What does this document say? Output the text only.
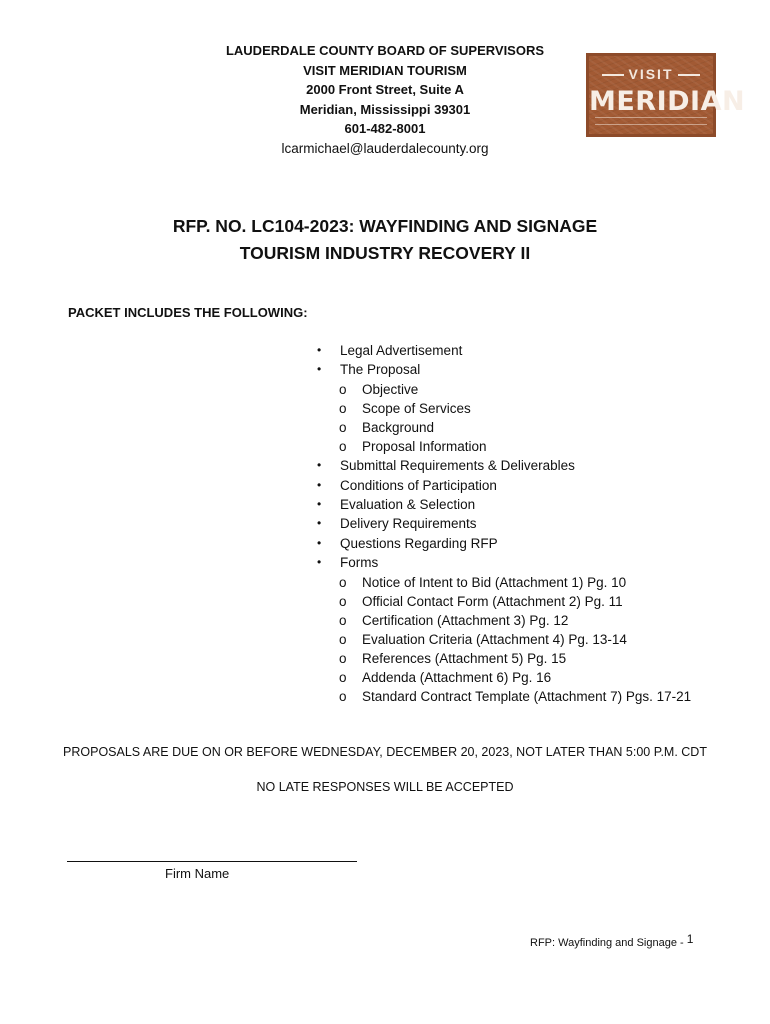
LAUDERDALE COUNTY BOARD OF SUPERVISORS
VISIT MERIDIAN TOURISM
2000 Front Street, Suite A
Meridian, Mississippi 39301
601-482-8001
lcarmichael@lauderdalecounty.org
VISIT
MERIDIAN
RFP. NO. LC104-2023: WAYFINDING AND SIGNAGE
TOURISM INDUSTRY RECOVERY II
PACKET INCLUDES THE FOLLOWING:
• Legal Advertisement
• The Proposal
o Objective
o Scope of Services
o Background
o Proposal Information
• Submittal Requirements & Deliverables
• Conditions of Participation
• Evaluation & Selection
• Delivery Requirements
• Questions Regarding RFP
• Forms
o Notice of Intent to Bid (Attachment 1) Pg. 10
o Official Contact Form (Attachment 2) Pg. 11
o Certification (Attachment 3) Pg. 12
o Evaluation Criteria (Attachment 4) Pg. 13-14
o References (Attachment 5) Pg. 15
o Addenda (Attachment 6) Pg. 16
o Standard Contract Template (Attachment 7) Pgs. 17-21
PROPOSALS ARE DUE ON OR BEFORE WEDNESDAY, DECEMBER 20, 2023, NOT LATER THAN 5:00 P.M. CDT
NO LATE RESPONSES WILL BE ACCEPTED
Firm Name
RFP: Wayfinding and Signage - 1
